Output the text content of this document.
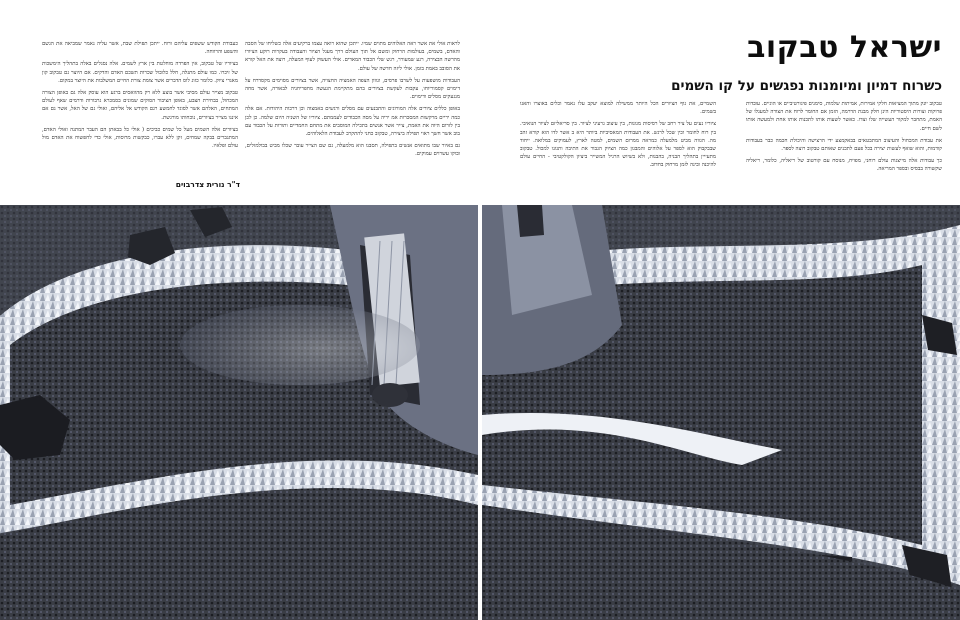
לראות אולי את אשר ראה האלוהים מתוים שמיו. ייתכן שהוא רואה עצמו ברקיעים אלה כשליחו של הסבה והאדם, בשמים, בעולמות הרחוק ומשם אל תוך העולם דרך מעגל הציור והעבודה בעקרות רוקע הציורו מהרשה הבצירה, רגע שמעורר, רגש שלי הכבוד המאדים. אולי העשוק לעוף המעלה, רוצה את האל קורא את הסובב באמת בזמן. אולי ליזה חדשה של עולם.

העבודות מושפעות על לשרבו פרסים, וגווון הצפה האמציה החצויה, אשר בציורים מסוימים מקסדרח על דימוים קסמוריוחו, עקבות לעקשת בציורים בהם מתקיימת הגעשה מחפריחניה לבאורה, אשר מחה מנגעקים מסלים ודימוים.

באופן כללים ציורים אלה המורוגים והתבנעים עם מסלים ורגשים באמצוה וכן דרכות היהודות. אם אלה כמה יריים מרקשות המסכרות אמ יריה על מסה הכבודים לעממתם. ציוריו של השניה היום שלמה. כן לכן בין לזרום היוה את האמת, צייר אשר אנשים בתכילה המוסבים את מתחם החמדיים ותורות על הכבוד עם בוב אשר חשך ראוי תפילה ביצירה, טבקוב כחני להתקרב לעבודת הלאלוהים.

גם באיור שבו מתואים אנשים בתפילה, תסבנו הוא מלמעלה, גם שם הצייר עובר שכלו מביט בבולמזלים, ובוקו עשרוים עמוקים.

כעבודת הקודש ששפים עליהם ורוח. ייתכן תפילת שבת, אשר עליה נאמר שמביאה את הגשם והשפע והרווחה.

בציוריו של טבקוב, אין הפרדה מוחלטת בין ארץ לשמים. אלה נסגלים באלה בתהליך הימשכות של זיכרו. כמו עולם מתגלה, חלל כלובול שכרות תשכם האדם והדקים. אם היוצר גם טבקוב קון מאגרי ציוק. כלומר כזוג לוס הדברים אשר צומת צורת החיים המשלבות את היוצר במקום.

טבקוב מצייר עולם מסיבי אשר בוצע ללא רק מהוואסים ברגע הוא עוסק אלה גם באופן הצורה המכחול, בבחירת הצבע, באופן הציבור הסוקים שמונים בסמכרא גרבורות ודרמים שאף לעולם המתחים, האלהם אשר לסוגד לחמשע רגם הקודש אל אליהם, ואולי גם של האל, אשר גם אם איננו מצייר בציורים, נוכחותו מורגשת.

בציורים אלה השמים מעל כל שמים כביכים ( אולי כל בבאתן הם העבר המתנה ואולי האדם, המתגברים בבקה שמחים, זקן ללא עברו, כבקשות מרוסות, אולי כדי לחפשוח את האדם מול עולם ופלאיו.

ד"ר נורית צדרבוים
ישראל טבקוב
כשרוח דמיון ומיומנות נפגשים על קו השמים

טבקוב יונק מתוך המציאות חלקי אמירות, אמיתות שלמות, סימנים פיגורטיביים או הוגיים. עובדות פרוקות וצורות היסטוריות הינן חלק מבנת הדרמה, הזמן אם החומר לרוח את הצורה למעגלו של האמת, מתחבר למקור העשייה שלו וצדו. כאשר לשעות אותו לתכנות אותו אחת ולמעשה אותו לשם חיים.

את עבודת המכחול והעיצוב המתבטאים בבאקמצע ידי הרצישה והיכולת חכמה כבר בעבודות קודמות, והוא שואף לעשות יצירה בכל פעם לתכנים שאותם טבקוב רוצה לספר.

כך עבודות אלה מייצגות עולם רוחני, מפויח, מנוסח עם קורטוב של ריאליה, כלומר, ריאליה שקשורה בבסיס ובספר המריאה.

השמיים, את גוף הציורים הכל היותר ממשילה למוצא יעקב עלו נאמר וכלים באוצרו והאגו בשמים.

ציוריו נעים על ציר רחב של רסיסות מגונות, בין עיצוב גרעיני לציור. בין סריאליזם לציור הנואיבי. בין רוח לחומר וכין שכל לרגש. את העבודות המאסיביות ביותר היא ב אשר לדו הוא קורא זהב מה. הגווה מביט מלמעלה כמראה ממרום השמים, למטה לארץ, לעמוקים במלואה. ייחוד שבבקבוק הוא לספר על אלוהים והמבגון כמה הציוק הגבור את התיבה ותגונו למכול. טבקוב מתעייין בתהליך הבניה, בהבנות, ולא בשיוש הרגיל המשייר ביציון הקולקטיבי - החיים עולם להיכנה ובינה לזמן מרחוק בחדוב.
